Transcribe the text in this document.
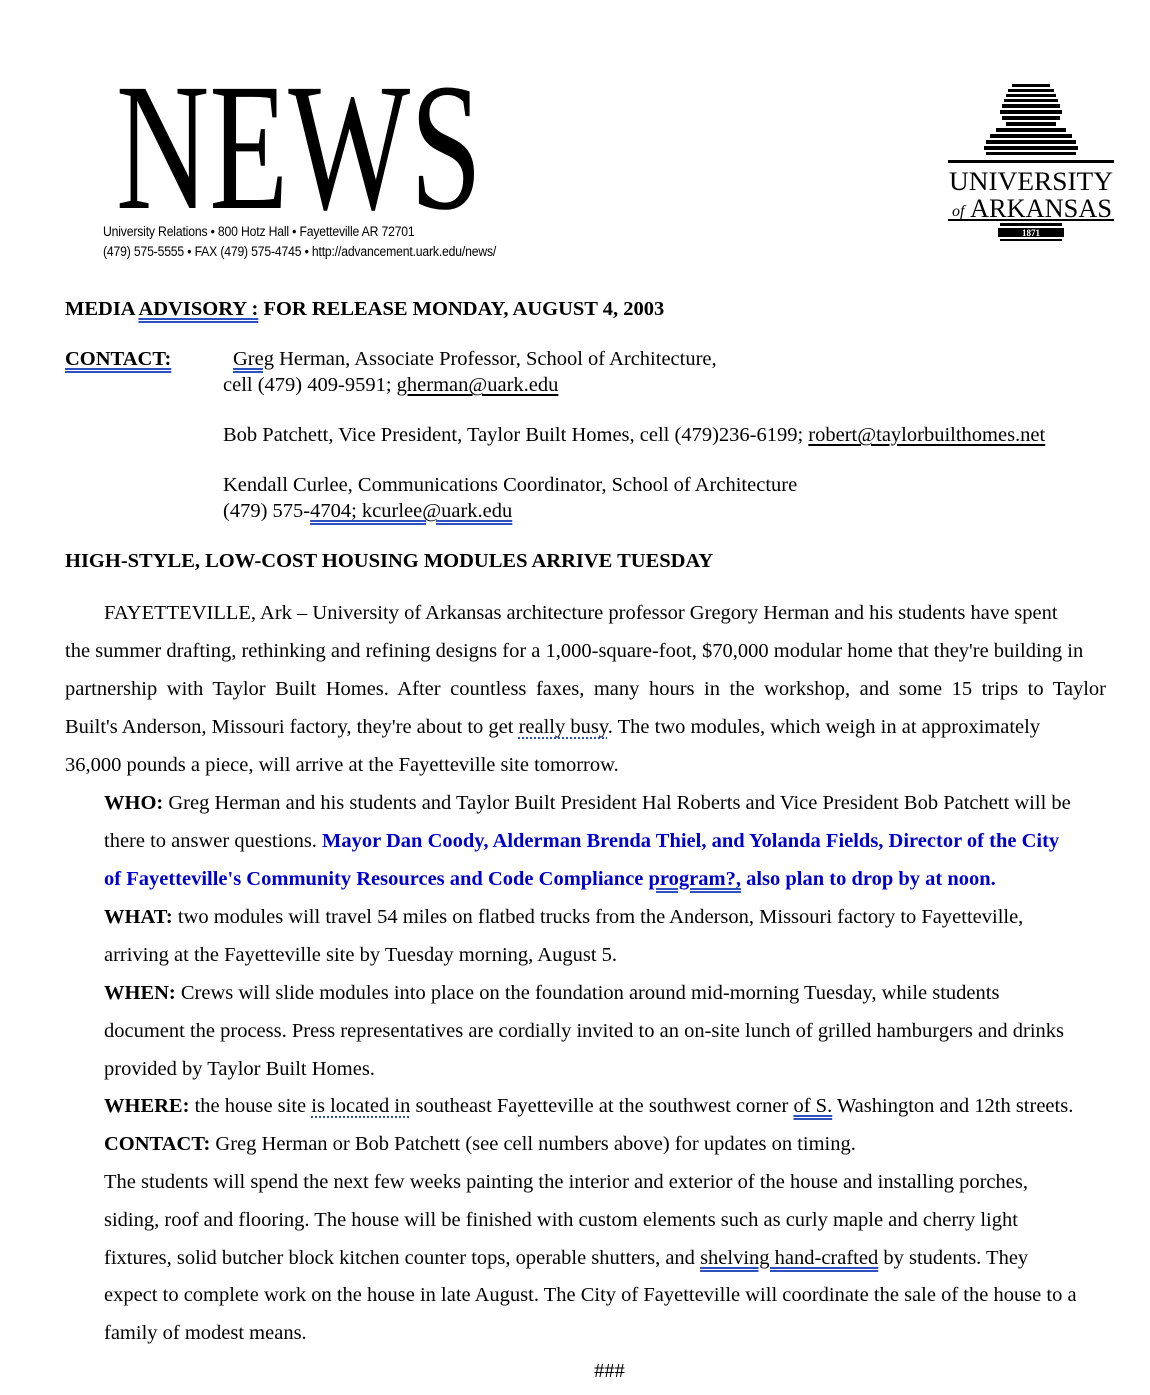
NEWS
University Relations • 800 Hotz Hall • Fayetteville AR 72701
(479) 575-5555 • FAX (479) 575-4745 • http://advancement.uark.edu/news/
UNIVERSITY
of ARKANSAS
1871
MEDIA ADVISORY : FOR RELEASE MONDAY, AUGUST 4, 2003
CONTACT:	Greg Herman, Associate Professor, School of Architecture,
cell (479) 409-9591; gherman@uark.edu
Bob Patchett, Vice President, Taylor Built Homes, cell (479)236-6199; robert@taylorbuilthomes.net
Kendall Curlee, Communications Coordinator, School of Architecture
(479) 575-4704; kcurlee@uark.edu
HIGH-STYLE, LOW-COST HOUSING MODULES ARRIVE TUESDAY
FAYETTEVILLE, Ark – University of Arkansas architecture professor Gregory Herman and his students have spent
the summer drafting, rethinking and refining designs for a 1,000-square-foot, $70,000 modular home that they're building in
partnership with Taylor Built Homes. After countless faxes, many hours in the workshop, and some 15 trips to Taylor
Built's Anderson, Missouri factory, they're about to get really busy. The two modules, which weigh in at approximately
36,000 pounds a piece, will arrive at the Fayetteville site tomorrow.
WHO: Greg Herman and his students and Taylor Built President Hal Roberts and Vice President Bob Patchett will be
there to answer questions. Mayor Dan Coody, Alderman Brenda Thiel, and Yolanda Fields, Director of the City
of Fayetteville's Community Resources and Code Compliance program?, also plan to drop by at noon.
WHAT: two modules will travel 54 miles on flatbed trucks from the Anderson, Missouri factory to Fayetteville,
arriving at the Fayetteville site by Tuesday morning, August 5.
WHEN: Crews will slide modules into place on the foundation around mid-morning Tuesday, while students
document the process. Press representatives are cordially invited to an on-site lunch of grilled hamburgers and drinks
provided by Taylor Built Homes.
WHERE: the house site is located in southeast Fayetteville at the southwest corner of S. Washington and 12th streets.
CONTACT: Greg Herman or Bob Patchett (see cell numbers above) for updates on timing.
The students will spend the next few weeks painting the interior and exterior of the house and installing porches,
siding, roof and flooring. The house will be finished with custom elements such as curly maple and cherry light
fixtures, solid butcher block kitchen counter tops, operable shutters, and shelving hand-crafted by students. They
expect to complete work on the house in late August. The City of Fayetteville will coordinate the sale of the house to a
family of modest means.
###
